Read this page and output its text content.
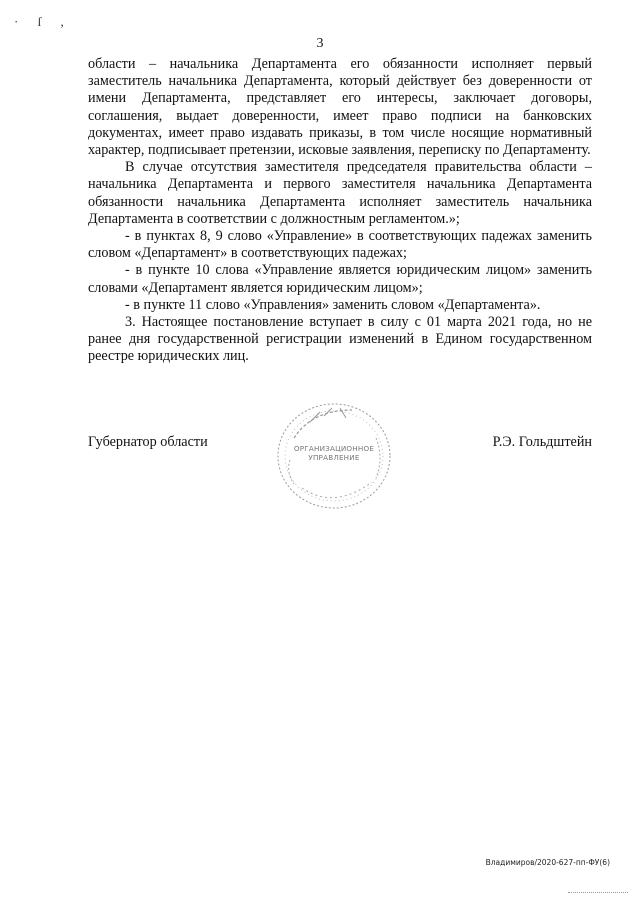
· ſ ,
3

области – начальника Департамента его обязанности исполняет первый заместитель начальника Департамента, который действует без доверенности от имени Департамента, представляет его интересы, заключает договоры, соглашения, выдает доверенности, имеет право подписи на банковских документах, имеет право издавать приказы, в том числе носящие нормативный характер, подписывает претензии, исковые заявления, переписку по Департаменту.

В случае отсутствия заместителя председателя правительства области – начальника Департамента и первого заместителя начальника Департамента обязанности начальника Департамента исполняет заместитель начальника Департамента в соответствии с должностным регламентом.»;

- в пунктах 8, 9 слово «Управление» в соответствующих падежах заменить словом «Департамент» в соответствующих падежах;

- в пункте 10 слова «Управление является юридическим лицом» заменить словами «Департамент является юридическим лицом»;

- в пункте 11 слово «Управления» заменить словом «Департамента».

3. Настоящее постановление вступает в силу с 01 марта 2021 года, но не ранее дня государственной регистрации изменений в Едином государственном реестре юридических лиц.

Губернатор области	Р.Э. Гольдштейн
ОРГАНИЗАЦИОННОЕ
УПРАВЛЕНИЕ
Владимиров/2020-627-пп-ФУ(6)
